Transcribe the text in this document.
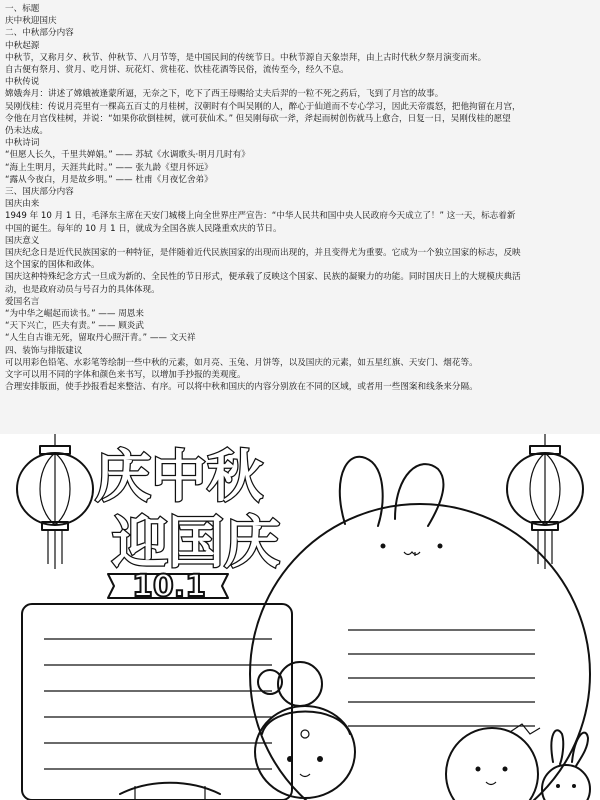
一、标题

庆中秋迎国庆

二、中秋部分内容

中秋起源

中秋节，又称月夕、秋节、仲秋节、八月节等，是中国民间的传统节日。中秋节源自天象崇拜，由上古时代秋夕祭月演变而来。

自古便有祭月、赏月、吃月饼、玩花灯、赏桂花、饮桂花酒等民俗，流传至今，经久不息。

中秋传说

嫦娥奔月：讲述了嫦娥被逢蒙所逼，无奈之下，吃下了西王母赐给丈夫后羿的一粒不死之药后，飞到了月宫的故事。

吴刚伐桂：传说月亮里有一棵高五百丈的月桂树，汉朝时有个叫吴刚的人，醉心于仙道而不专心学习，因此天帝震怒，把他拘留在月宫，

令他在月宫伐桂树，并说：“如果你砍倒桂树，就可获仙术。” 但吴刚每砍一斧，斧起而树创伤就马上愈合，日复一日，吴刚伐桂的愿望

仍未达成。

中秋诗词

“但愿人长久，千里共婵娟。” —— 苏轼《水调歌头·明月几时有》

“海上生明月，天涯共此时。” —— 张九龄《望月怀远》

“露从今夜白，月是故乡明。” —— 杜甫《月夜忆舍弟》

三、国庆部分内容

国庆由来

1949 年 10 月 1 日，毛泽东主席在天安门城楼上向全世界庄严宣告：“中华人民共和国中央人民政府今天成立了！” 这一天，标志着新

中国的诞生。每年的 10 月 1 日，就成为全国各族人民隆重欢庆的节日。

国庆意义

国庆纪念日是近代民族国家的一种特征，是伴随着近代民族国家的出现而出现的，并且变得尤为重要。它成为一个独立国家的标志，反映

这个国家的国体和政体。

国庆这种特殊纪念方式一旦成为新的、全民性的节日形式，便承载了反映这个国家、民族的凝聚力的功能。同时国庆日上的大规模庆典活

动，也是政府动员与号召力的具体体现。

爱国名言

“为中华之崛起而读书。” —— 周恩来

“天下兴亡，匹夫有责。” —— 顾炎武

“人生自古谁无死，留取丹心照汗青。” —— 文天祥

四、装饰与排版建议

可以用彩色铅笔、水彩笔等绘制一些中秋的元素，如月亮、玉兔、月饼等，以及国庆的元素，如五星红旗、天安门、烟花等。

文字可以用不同的字体和颜色来书写，以增加手抄报的美观度。

合理安排版面，使手抄报看起来整洁、有序。可以将中秋和国庆的内容分别放在不同的区域，或者用一些图案和线条来分隔。

庆中秋
迎国庆
10.1
